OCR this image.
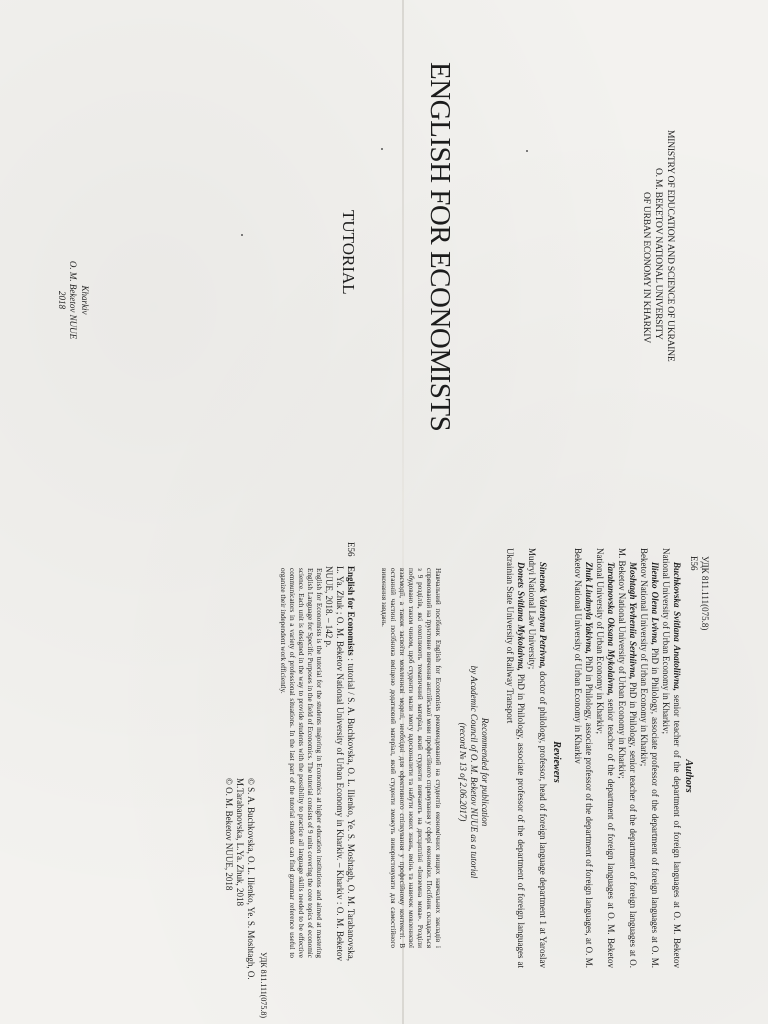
MINISTRY OF EDUCATION AND SCIENCE OF UKRAINE
O. M. BEKETOV NATIONAL UNIVERSITY
OF URBAN ECONOMY IN KHARKIV
ENGLISH FOR ECONOMISTS
TUTORIAL
Kharkiv
O. M. Beketov NUUE
2018
УДК 811.111(075.8)
E56
Authors
Buchkovska Svitlana Anatoliivna, senior teacher of the department of foreign languages at O. M. Beketov National University of Urban Economy in Kharkiv;
Ilienko Olena Lvivna, PhD in Philology, associate professor of the department of foreign languages at O. M. Beketov National University of Urban Economy in Kharkiv;
Moshtagh Yevheniia Serhiivna, PhD in Philology, senior teacher of the department of foreign languages at O. M. Beketov National University of Urban Economy in Kharkiv;
Tarabanovska Oksana Mykolaivna, senior teacher of the department of foreign languages at O. M. Beketov National University of Urban Economy in Kharkiv;
Zhuk Liudmyla Yakivna, PhD in Philology, associate professor of the department of foreign languages, at O. M. Beketov National University of Urban Economy in Kharkiv
Reviewers
Sinenok Valentyna Petrivna, doctor of philology, professor, head of foreign language department 1 at Yaroslav Mudryi National Law University;
Donets Svitlana Mykolaivna, PhD in Philology, associate professor of the department of foreign languages at Ukrainian State University of Railway Transport
Recommended for publication
by Academic Council of O. M. Beketov NUUE as a tutorial
(record № 13 of 2.06.2017)
Навчальний посібник English for Economists рекомендований на студентів економічних вищих навчальних закладів і спрямований на ґрунтовне вивчення англійської мови професійного спрямування у сфері економіки. Посібник складається з 9 розділів, які охоплюють тематичний матеріал, який студенти вивчають на дисципліні «Іноземна мова». Розділи побудовано таким чином, щоб студенти мали змогу вдосконалити та набути нових знань, вмінь та навичок мовленнєвої взаємодії, а також засвоїти мовленнєві моделі, необхідні для ефективного спілкування у професійному контексті. В останній частині посібника вміщено додатковий матеріал, який студенти зможуть використовувати для самостійного виконання завдань.
E56
English for Economists : tutorial / S. A. Buchkovska, O. L. Ilienko, Ye. S. Moshtagh, O. M. Tarabanovska, L. Ya. Zhuk ; O. M. Beketov National University of Urban Economy in Kharkiv. – Kharkiv : O. M. Beketov NUUE, 2018. – 142 p.
English for Economists is the tutorial for the students majoring in Economics at higher education institutions and aimed at mastering English Language for Specific Purposes in the field of Economics. The tutorial consists of 9 units covering the core topics of economic science. Each unit is designed in the way to provide students with the possibility to practice all language skills needed to be effective communicators in a variety of professional situations. In the last part of the tutorial students can find grammar reference useful to organize their independent work efficiently.
УДК 811.111(075.8)
© S. A. Buchkovska, O. L. Ilienko, Ye. S. Moshtagh, O. M.Tarabanovska, L.Ya. Zhuk, 2018
© O. M. Beketov NUUE, 2018
